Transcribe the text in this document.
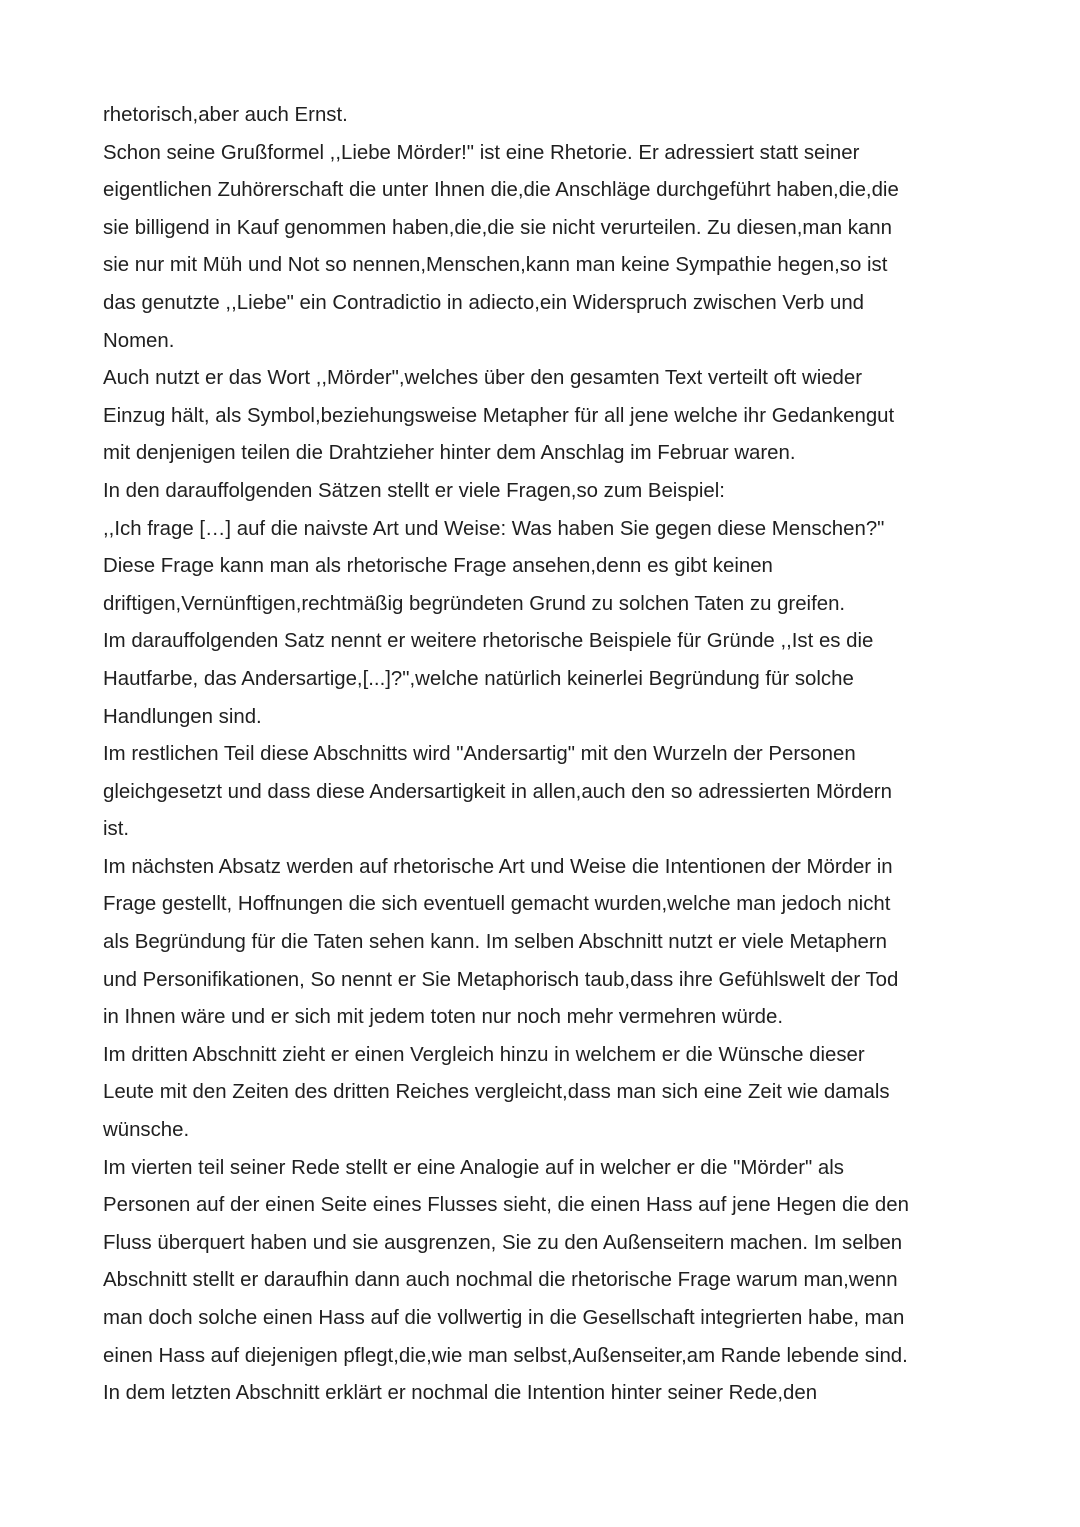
rhetorisch,aber auch Ernst.
Schon seine Grußformel ,,Liebe Mörder!" ist eine Rhetorie. Er adressiert statt seiner
eigentlichen Zuhörerschaft die unter Ihnen die,die Anschläge durchgeführt haben,die,die
sie billigend in Kauf genommen haben,die,die sie nicht verurteilen. Zu diesen,man kann
sie nur mit Müh und Not so nennen,Menschen,kann man keine Sympathie hegen,so ist
das genutzte ,,Liebe" ein Contradictio in adiecto,ein Widerspruch zwischen Verb und
Nomen.
Auch nutzt er das Wort ,,Mörder",welches über den gesamten Text verteilt oft wieder
Einzug hält, als Symbol,beziehungsweise Metapher für all jene welche ihr Gedankengut
mit denjenigen teilen die Drahtzieher hinter dem Anschlag im Februar waren.
In den darauffolgenden Sätzen stellt er viele Fragen,so zum Beispiel:
,,Ich frage […] auf die naivste Art und Weise: Was haben Sie gegen diese Menschen?"
Diese Frage kann man als rhetorische Frage ansehen,denn es gibt keinen
driftigen,Vernünftigen,rechtmäßig begründeten Grund zu solchen Taten zu greifen.
Im darauffolgenden Satz nennt er weitere rhetorische Beispiele für Gründe ,,Ist es die
Hautfarbe, das Andersartige,[...]?",welche natürlich keinerlei Begründung für solche
Handlungen sind.
Im restlichen Teil diese Abschnitts wird "Andersartig" mit den Wurzeln der Personen
gleichgesetzt und dass diese Andersartigkeit in allen,auch den so adressierten Mördern
ist.
Im nächsten Absatz werden auf rhetorische Art und Weise die Intentionen der Mörder in
Frage gestellt, Hoffnungen die sich eventuell gemacht wurden,welche man jedoch nicht
als Begründung für die Taten sehen kann. Im selben Abschnitt nutzt er viele Metaphern
und Personifikationen, So nennt er Sie Metaphorisch taub,dass ihre Gefühlswelt der Tod
in Ihnen wäre und er sich mit jedem toten nur noch mehr vermehren würde.
Im dritten Abschnitt zieht er einen Vergleich hinzu in welchem er die Wünsche dieser
Leute mit den Zeiten des dritten Reiches vergleicht,dass man sich eine Zeit wie damals
wünsche.
Im vierten teil seiner Rede stellt er eine Analogie auf in welcher er die "Mörder" als
Personen auf der einen Seite eines Flusses sieht, die einen Hass auf jene Hegen die den
Fluss überquert haben und sie ausgrenzen, Sie zu den Außenseitern machen. Im selben
Abschnitt stellt er daraufhin dann auch nochmal die rhetorische Frage warum man,wenn
man doch solche einen Hass auf die vollwertig in die Gesellschaft integrierten habe, man
einen Hass auf diejenigen pflegt,die,wie man selbst,Außenseiter,am Rande lebende sind.
In dem letzten Abschnitt erklärt er nochmal die Intention hinter seiner Rede,den
